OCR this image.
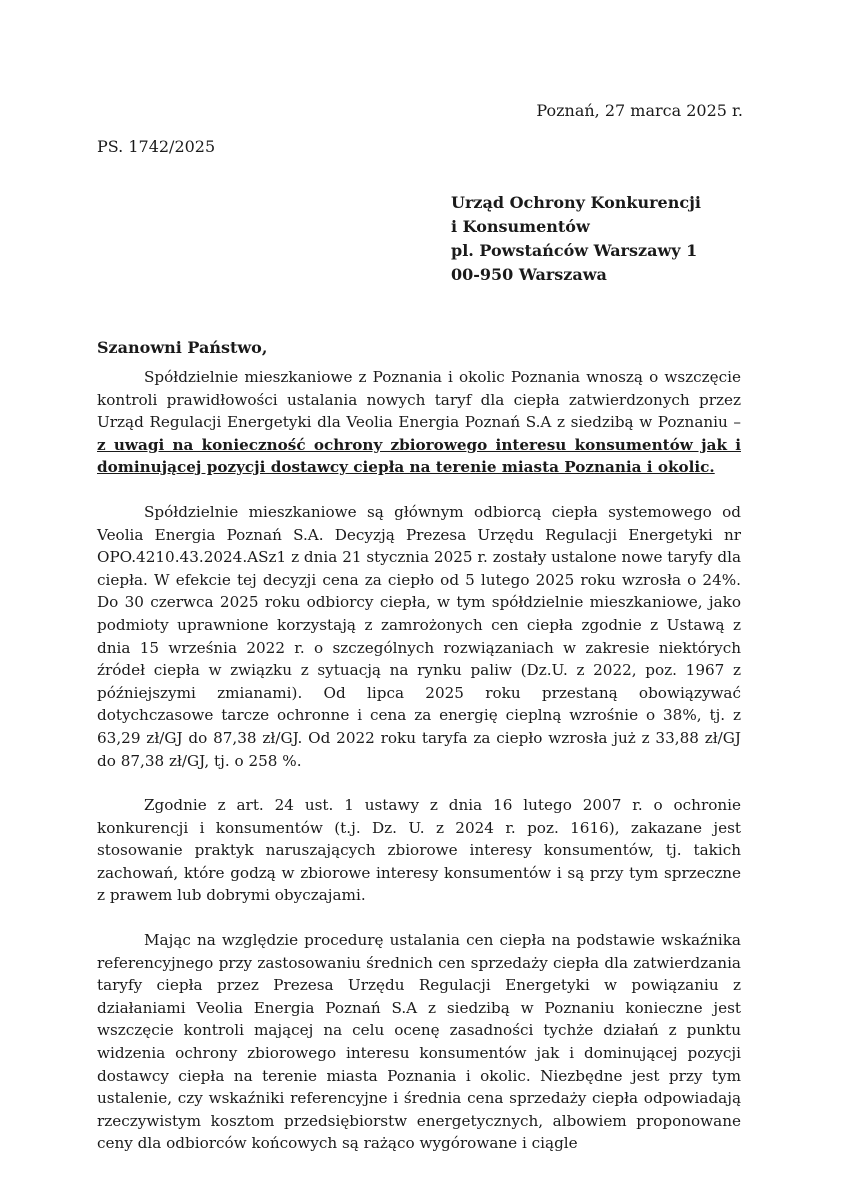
Poznań, 27 marca 2025 r.
PS. 1742/2025
Urząd Ochrony Konkurencji
i Konsumentów
pl. Powstańców Warszawy 1
00-950 Warszawa
Szanowni Państwo,

Spółdzielnie mieszkaniowe z Poznania i okolic Poznania wnoszą o wszczęcie kontroli prawidłowości ustalania nowych taryf dla ciepła zatwierdzonych przez Urząd Regulacji Energetyki dla Veolia Energia Poznań S.A z siedzibą w Poznaniu – z uwagi na konieczność ochrony zbiorowego interesu konsumentów jak i dominującej pozycji dostawcy ciepła na terenie miasta Poznania i okolic.

Spółdzielnie mieszkaniowe są głównym odbiorcą ciepła systemowego od Veolia Energia Poznań S.A. Decyzją Prezesa Urzędu Regulacji Energetyki nr OPO.4210.43.2024.ASz1 z dnia 21 stycznia 2025 r. zostały ustalone nowe taryfy dla ciepła. W efekcie tej decyzji cena za ciepło od 5 lutego 2025 roku wzrosła o 24%. Do 30 czerwca 2025 roku odbiorcy ciepła, w tym spółdzielnie mieszkaniowe, jako podmioty uprawnione korzystają z zamrożonych cen ciepła zgodnie z Ustawą z dnia 15 września 2022 r. o szczególnych rozwiązaniach w zakresie niektórych źródeł ciepła w związku z sytuacją na rynku paliw (Dz.U. z 2022, poz. 1967 z późniejszymi zmianami). Od lipca 2025 roku przestaną obowiązywać dotychczasowe tarcze ochronne i cena za energię cieplną wzrośnie o 38%, tj. z 63,29 zł/GJ do 87,38 zł/GJ. Od 2022 roku taryfa za ciepło wzrosła już z 33,88 zł/GJ do 87,38 zł/GJ, tj. o 258 %.

Zgodnie z art. 24 ust. 1 ustawy z dnia 16 lutego 2007 r. o ochronie konkurencji i konsumentów (t.j. Dz. U. z 2024 r. poz. 1616), zakazane jest stosowanie praktyk naruszających zbiorowe interesy konsumentów, tj. takich zachowań, które godzą w zbiorowe interesy konsumentów i są przy tym sprzeczne z prawem lub dobrymi obyczajami.

Mając na względzie procedurę ustalania cen ciepła na podstawie wskaźnika referencyjnego przy zastosowaniu średnich cen sprzedaży ciepła dla zatwierdzania taryfy ciepła przez Prezesa Urzędu Regulacji Energetyki w powiązaniu z działaniami Veolia Energia Poznań S.A z siedzibą w Poznaniu konieczne jest wszczęcie kontroli mającej na celu ocenę zasadności tychże działań z punktu widzenia ochrony zbiorowego interesu konsumentów jak i dominującej pozycji dostawcy ciepła na terenie miasta Poznania i okolic. Niezbędne jest przy tym ustalenie, czy wskaźniki referencyjne i średnia cena sprzedaży ciepła odpowiadają rzeczywistym kosztom przedsiębiorstw energetycznych, albowiem proponowane ceny dla odbiorców końcowych są rażąco wygórowane i ciągle
